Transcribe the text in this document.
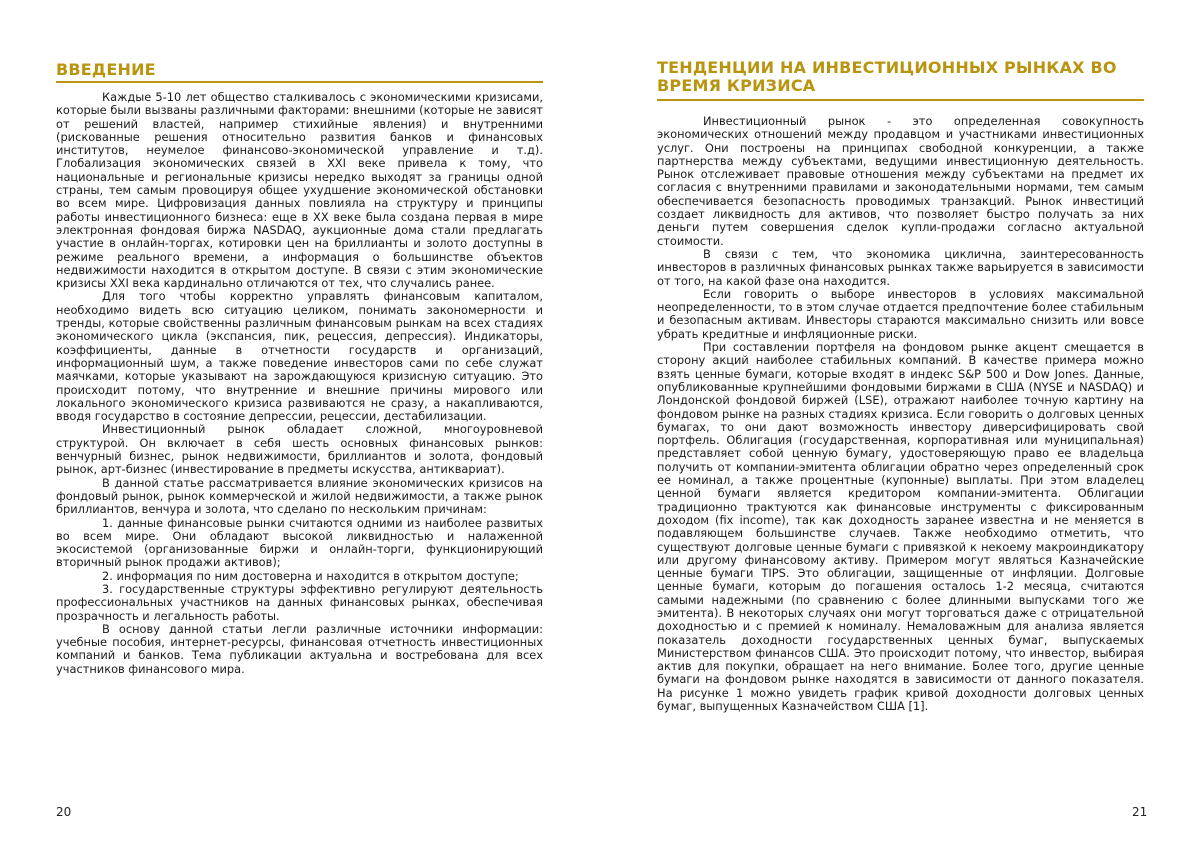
ВВЕДЕНИЕ

Каждые 5-10 лет общество сталкивалось с экономическими кризисами, которые были вызваны различными факторами: внешними (которые не зависят от решений властей, например стихийные явления) и внутренними (рискованные решения относительно развития банков и финансовых институтов, неумелое финансово-экономической управление и т.д). Глобализация экономических связей в XXI веке привела к тому, что национальные и региональные кризисы нередко выходят за границы одной страны, тем самым провоцируя общее ухудшение экономической обстановки во всем мире. Цифровизация данных повлияла на структуру и принципы работы инвестиционного бизнеса: еще в XX веке была создана первая в мире электронная фондовая биржа NASDAQ, аукционные дома стали предлагать участие в онлайн-торгах, котировки цен на бриллианты и золото доступны в режиме реального времени, а информация о большинстве объектов недвижимости находится в открытом доступе. В связи с этим экономические кризисы XXI века кардинально отличаются от тех, что случались ранее.

Для того чтобы корректно управлять финансовым капиталом, необходимо видеть всю ситуацию целиком, понимать закономерности и тренды, которые свойственны различным финансовым рынкам на всех стадиях экономического цикла (экспансия, пик, рецессия, депрессия). Индикаторы, коэффициенты, данные в отчетности государств и организаций, информационный шум, а также поведение инвесторов сами по себе служат маячками, которые указывают на зарождающуюся кризисную ситуацию. Это происходит потому, что внутренние и внешние причины мирового или локального экономического кризиса развиваются не сразу, а накапливаются, вводя государство в состояние депрессии, рецессии, дестабилизации.

Инвестиционный рынок обладает сложной, многоуровневой структурой. Он включает в себя шесть основных финансовых рынков: венчурный бизнес, рынок недвижимости, бриллиантов и золота, фондовый рынок, арт-бизнес (инвестирование в предметы искусства, антиквариат).

В данной статье рассматривается влияние экономических кризисов на фондовый рынок, рынок коммерческой и жилой недвижимости, а также рынок бриллиантов, венчура и золота, что сделано по нескольким причинам:

1. данные финансовые рынки считаются одними из наиболее развитых во всем мире. Они обладают высокой ликвидностью и налаженной экосистемой (организованные биржи и онлайн-торги, функционирующий вторичный рынок продажи активов);

2. информация по ним достоверна и находится в открытом доступе;

3. государственные структуры эффективно регулируют деятельность профессиональных участников на данных финансовых рынках, обеспечивая прозрачность и легальность работы.

В основу данной статьи легли различные источники информации: учебные пособия, интернет-ресурсы, финансовая отчетность инвестиционных компаний и банков. Тема публикации актуальна и востребована для всех участников финансового мира.

20
ТЕНДЕНЦИИ НА ИНВЕСТИЦИОННЫХ РЫНКАХ ВО
ВРЕМЯ КРИЗИСА

Инвестиционный рынок - это определенная совокупность экономических отношений между продавцом и участниками инвестиционных услуг. Они построены на принципах свободной конкуренции, а также партнерства между субъектами, ведущими инвестиционную деятельность. Рынок отслеживает правовые отношения между субъектами на предмет их согласия с внутренними правилами и законодательными нормами, тем самым обеспечивается безопасность проводимых транзакций. Рынок инвестиций создает ликвидность для активов, что позволяет быстро получать за них деньги путем совершения сделок купли-продажи согласно актуальной стоимости.

В связи с тем, что экономика циклична, заинтересованность инвесторов в различных финансовых рынках также варьируется в зависимости от того, на какой фазе она находится.

Если говорить о выборе инвесторов в условиях максимальной неопределенности, то в этом случае отдается предпочтение более стабильным и безопасным активам. Инвесторы стараются максимально снизить или вовсе убрать кредитные и инфляционные риски.

При составлении портфеля на фондовом рынке акцент смещается в сторону акций наиболее стабильных компаний. В качестве примера можно взять ценные бумаги, которые входят в индекс S&P 500 и Dow Jones. Данные, опубликованные крупнейшими фондовыми биржами в США (NYSE и NASDAQ) и Лондонской фондовой биржей (LSE), отражают наиболее точную картину на фондовом рынке на разных стадиях кризиса. Если говорить о долговых ценных бумагах, то они дают возможность инвестору диверсифицировать свой портфель. Облигация (государственная, корпоративная или муниципальная) представляет собой ценную бумагу, удостоверяющую право ее владельца получить от компании-эмитента облигации обратно через определенный срок ее номинал, а также процентные (купонные) выплаты. При этом владелец ценной бумаги является кредитором компании-эмитента. Облигации традиционно трактуются как финансовые инструменты с фиксированным доходом (fix income), так как доходность заранее известна и не меняется в подавляющем большинстве случаев. Также необходимо отметить, что существуют долговые ценные бумаги с привязкой к некоему макроиндикатору или другому финансовому активу. Примером могут являться Казначейские ценные бумаги TIPS. Это облигации, защищенные от инфляции. Долговые ценные бумаги, которым до погашения осталось 1-2 месяца, считаются самыми надежными (по сравнению с более длинными выпусками того же эмитента). В некоторых случаях они могут торговаться даже с отрицательной доходностью и с премией к номиналу. Немаловажным для анализа является показатель доходности государственных ценных бумаг, выпускаемых Министерством финансов США. Это происходит потому, что инвестор, выбирая актив для покупки, обращает на него внимание. Более того, другие ценные бумаги на фондовом рынке находятся в зависимости от данного показателя. На рисунке 1 можно увидеть график кривой доходности долговых ценных бумаг, выпущенных Казначейством США [1].

21
